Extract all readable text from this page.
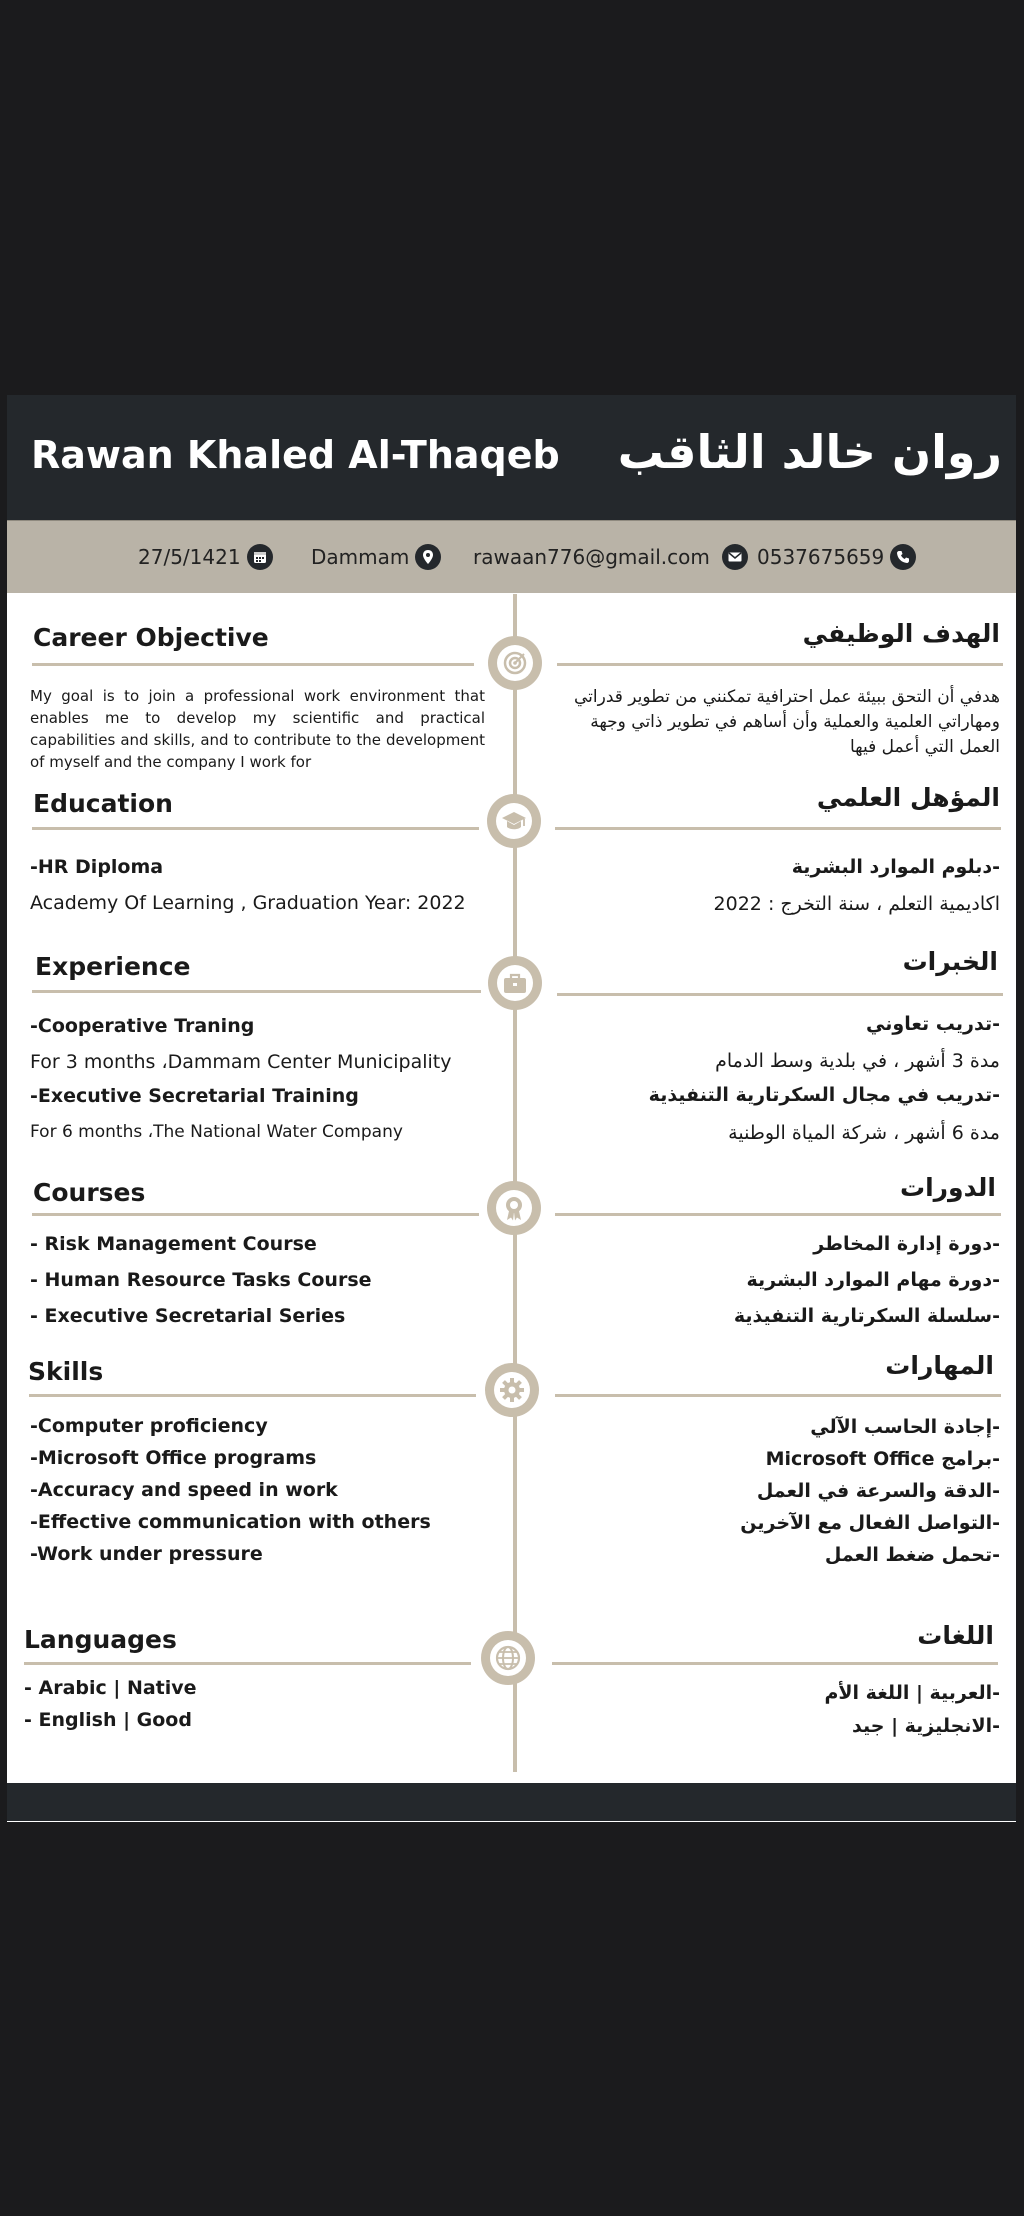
Rawan Khaled Al-Thaqeb روان خالد الثاقب
27/5/1421	Dammam	rawaan776@gmail.com 0537675659
Career Objective	الهدف الوظيفي
My goal is to join a professional work environment that enables me to develop my scientific and practical capabilities and skills, and to contribute to the development of myself and the company I work for
هدفي أن التحق ببيئة عمل احترافية تمكنني من تطوير قدراتي ومهاراتي العلمية والعملية وأن أساهم في تطوير ذاتي وجهة العمل التي أعمل فيها
Education	المؤهل العلمي
-HR Diploma
Academy Of Learning , Graduation Year: 2022
-دبلوم الموارد البشرية
اكاديمية التعلم ، سنة التخرج : 2022
Experience	الخبرات
-Cooperative Traning
For 3 months ،Dammam Center Municipality
-Executive Secretarial Training
For 6 months ،The National Water Company
-تدريب تعاوني
مدة 3 أشهر ، في بلدية وسط الدمام
-تدريب في مجال السكرتارية التنفيذية
مدة 6 أشهر ، شركة المياة الوطنية
Courses	الدورات
- Risk Management Course
- Human Resource Tasks Course
- Executive Secretarial Series
-دورة إدارة المخاطر
-دورة مهام الموارد البشرية
-سلسلة السكرتارية التنفيذية
Skills	المهارات
-Computer proficiency
-Microsoft Office programs
-Accuracy and speed in work
-Effective communication with others
-Work under pressure
-إجادة الحاسب الآلي
-برامج Microsoft Office
-الدقة والسرعة في العمل
-التواصل الفعال مع الآخرين
-تحمل ضغط العمل
Languages	اللغات
- Arabic | Native
- English | Good
-العربية | اللغة الأم
-الانجليزية | جيد
